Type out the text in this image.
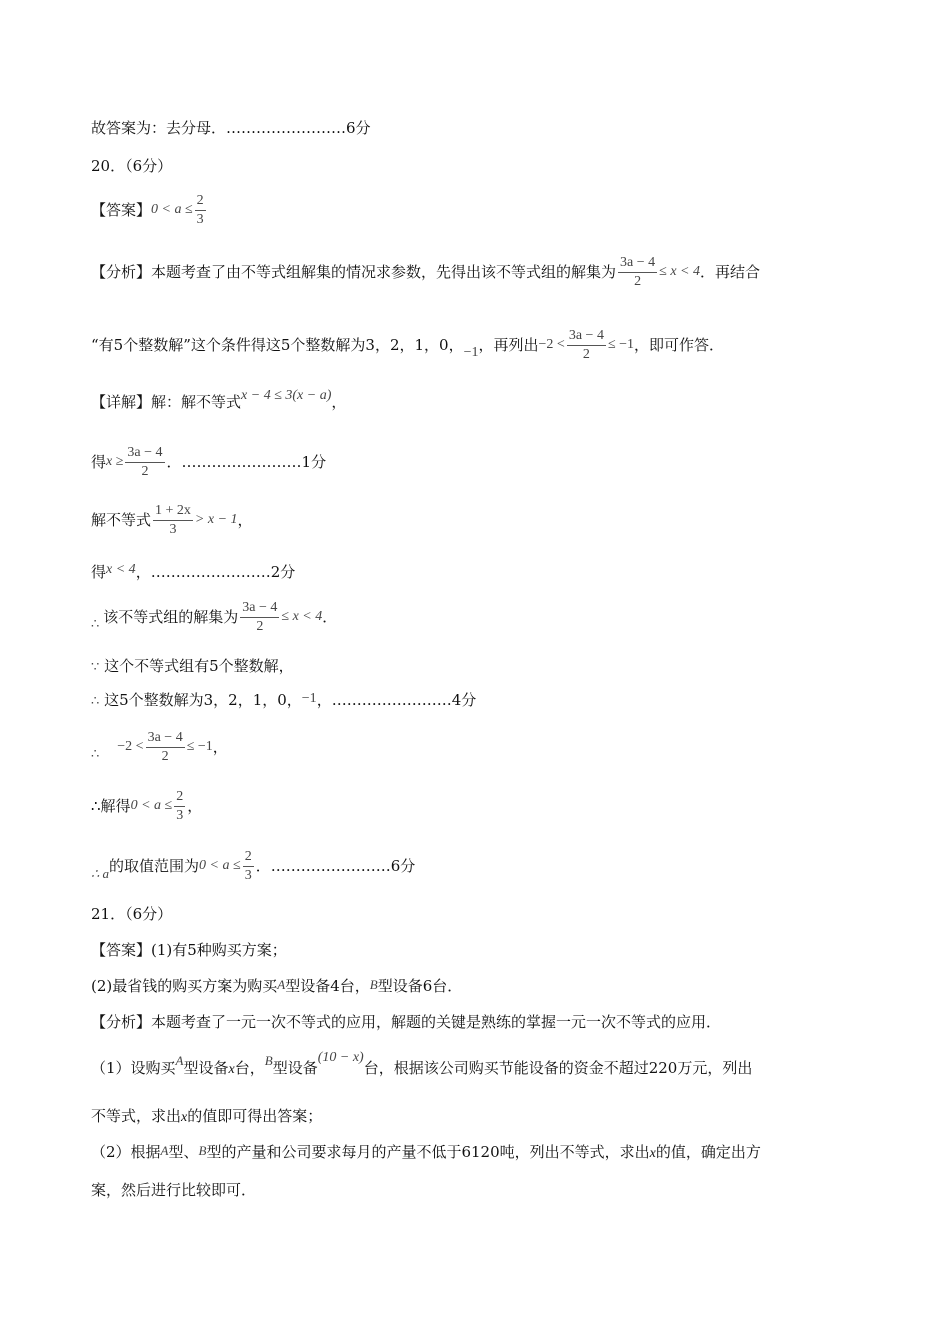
故答案为：去分母．……………………6分
20．（6分）
【答案】 $0 < a \le \frac{2}{3}$
【分析】 本题考查了由不等式组解集的情况求参数，先得出该不等式组的解集为 $\frac{3a - 4}{2} \le x < 4$ ．再结合
“有5个整数解”这个条件得这5个整数解为3，2，1，0， −1 ，再列出 $-2 < \frac{3a - 4}{2} \le -1$ ，即可作答．
【详解】解：解不等式x − 4 ≤ 3(x − a)，
得 $x \ge \frac{3a - 4}{2}$ ．……………………1分
解不等式 $\frac{1 + 2x}{3} > x - 1$ ，
得x < 4，……………………2分
∴ 该不等式组的解集为 $\frac{3a - 4}{2} \le x < 4$ ．
∵ 这个不等式组有5个整数解，
∴ 这5个整数解为3，2，1，0，−1，……………………4分
∴
$-2 < \frac{3a - 4}{2} \le -1$ ，
∴ 解得 $0 < a \le \frac{2}{3}$ ，
∴ a 的取值范围为 $0 < a \le \frac{2}{3}$ ．……………………6分
21．（6分）
【答案】(1)有5种购买方案；
(2)最省钱的购买方案为购买A型设备4台，B型设备6台．
【分析】本题考查了一元一次不等式的应用，解题的关键是熟练的掌握一元一次不等式的应用．
（1）设购买A型设备x台，B型设备(10 − x)台，根据该公司购买节能设备的资金不超过220万元，列出
不等式，求出x的值即可得出答案；
（2）根据A型、B型的产量和公司要求每月的产量不低于6120吨，列出不等式，求出x的值，确定出方
案，然后进行比较即可．
